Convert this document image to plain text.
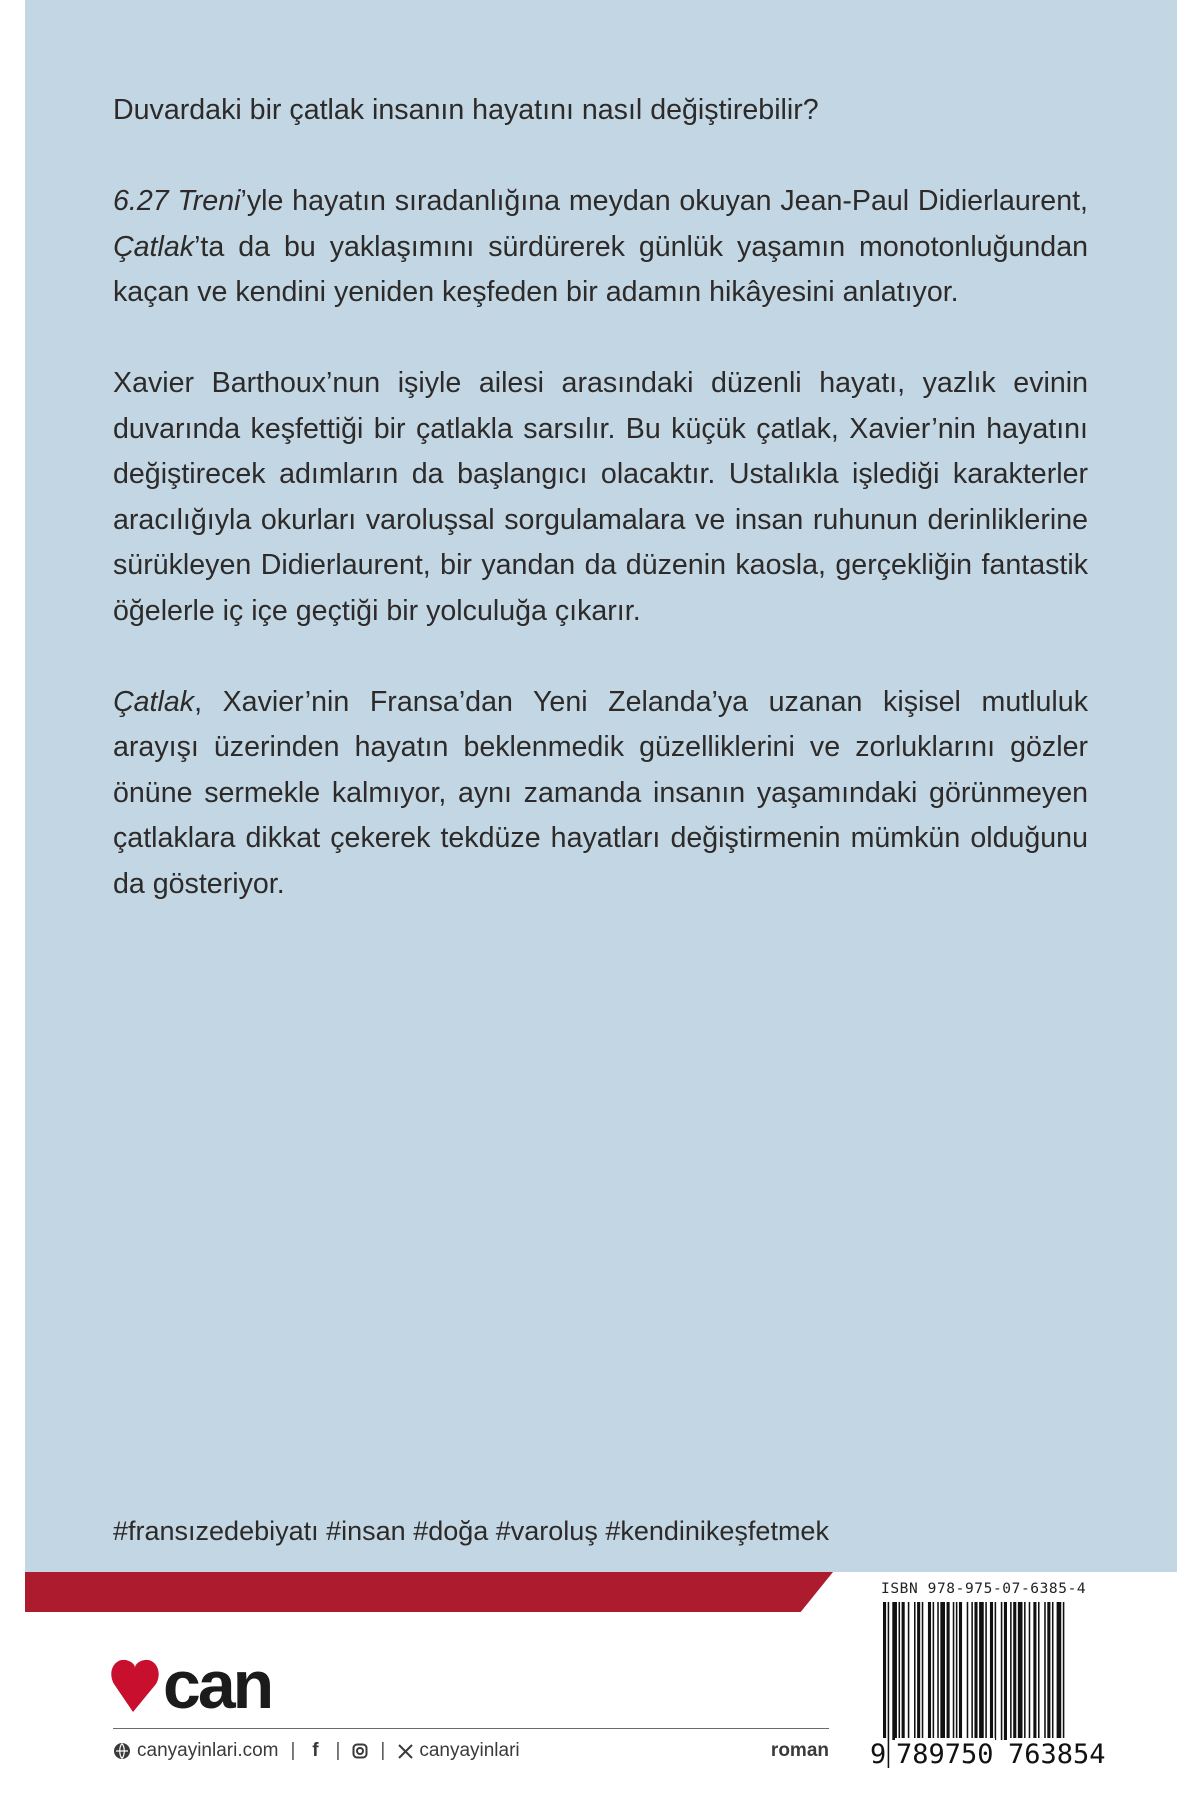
Duvardaki bir çatlak insanın hayatını nasıl değiştirebilir?

6.27 Treni’yle hayatın sıradanlığına meydan okuyan Jean-Paul Didierlaurent, Çatlak’ta da bu yaklaşımını sürdürerek günlük yaşamın monotonluğundan kaçan ve kendini yeniden keşfeden bir adamın hikâyesini anlatıyor.

Xavier Barthoux’nun işiyle ailesi arasındaki düzenli hayatı, yazlık evinin duvarında keşfettiği bir çatlakla sarsılır. Bu küçük çatlak, Xavier’nin hayatını değiştirecek adımların da başlangıcı olacaktır. Ustalıkla işlediği karakterler aracılığıyla okurları varoluşsal sorgulamalara ve insan ruhunun derinliklerine sürükleyen Didierlaurent, bir yandan da düzenin kaosla, gerçekliğin fantastik öğelerle iç içe geçtiği bir yolculuğa çıkarır.

Çatlak, Xavier’nin Fransa’dan Yeni Zelanda’ya uzanan kişisel mutluluk arayışı üzerinden hayatın beklenmedik güzelliklerini ve zorluklarını gözler önüne sermekle kalmıyor, aynı zamanda insanın yaşamındaki görünmeyen çatlaklara dikkat çekerek tekdüze hayatları değiştirmenin mümkün olduğunu da gösteriyor.

#fransızedebiyatı #insan #doğa #varoluş #kendinikeşfetmek
can
canyayinlari.com | f | | canyayinlari	roman
ISBN 978-975-07-6385-4
9 789750 763854
